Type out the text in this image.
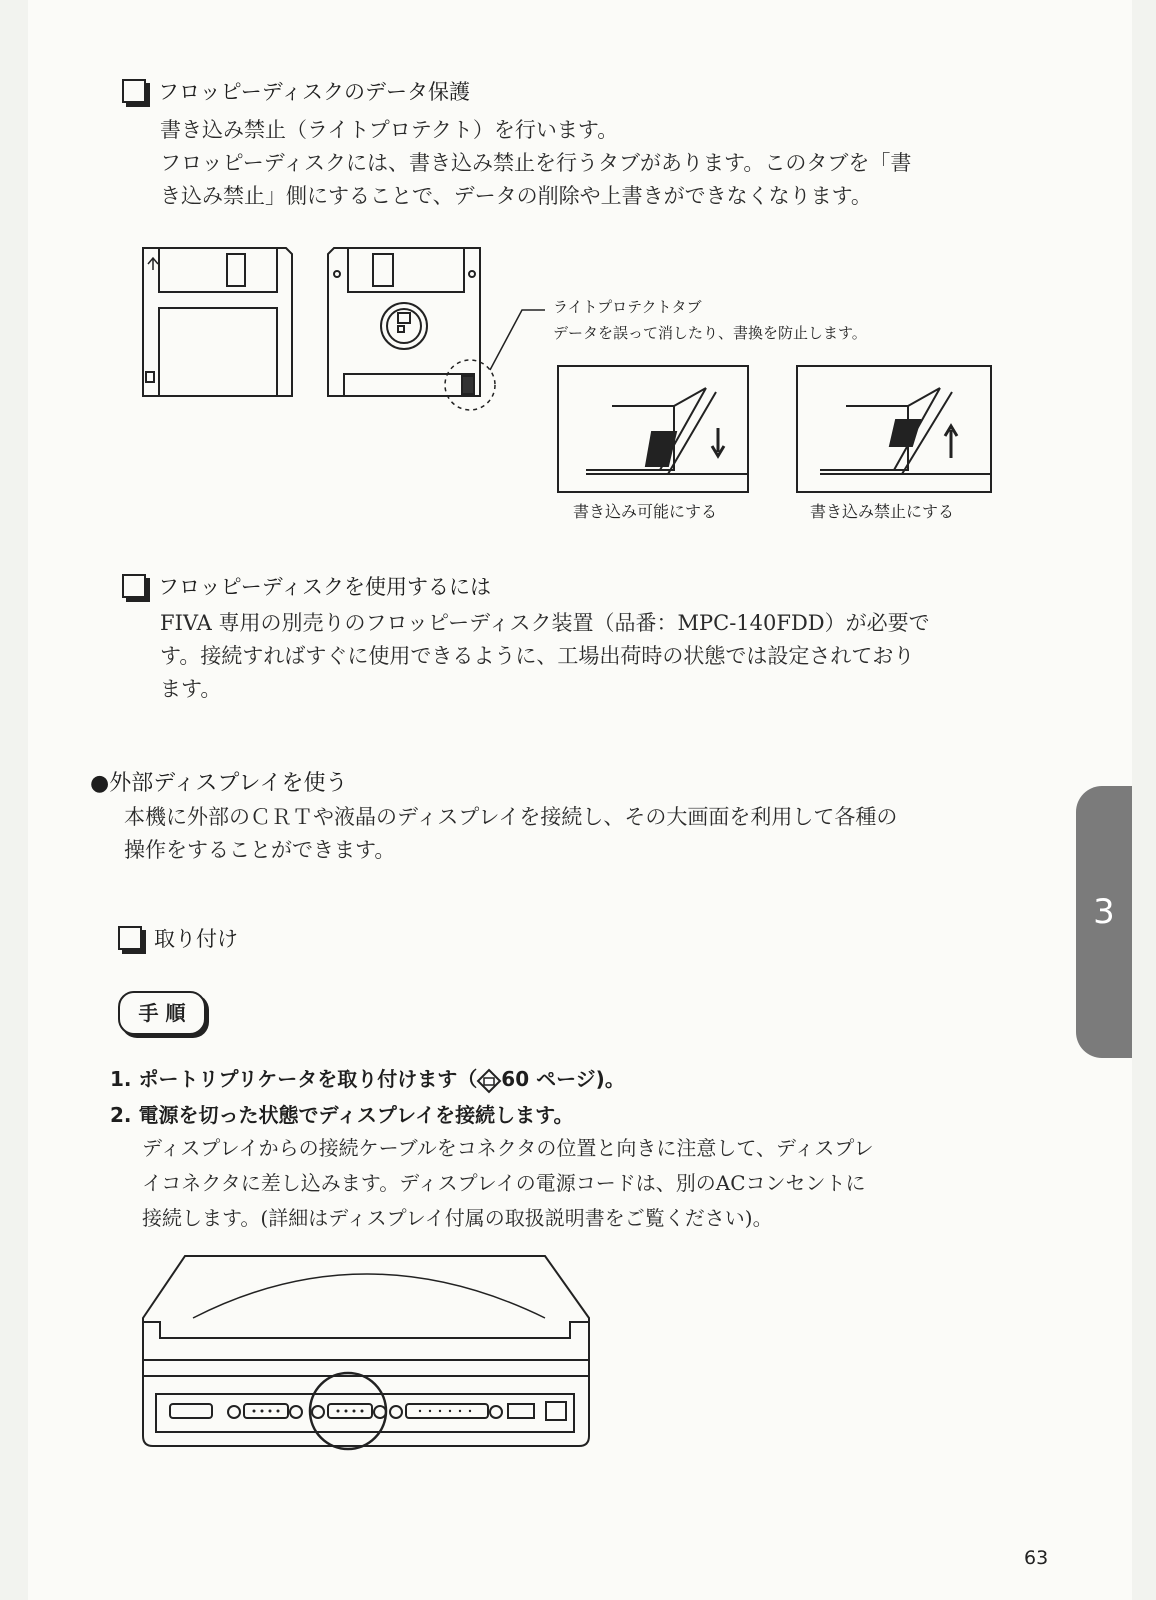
フロッピーディスクのデータ保護
書き込み禁止（ライトプロテクト）を行います。
フロッピーディスクには、書き込み禁止を行うタブがあります。このタブを「書
き込み禁止」側にすることで、データの削除や上書きができなくなります。
ライトプロテクトタブ
データを誤って消したり、書換を防止します。
書き込み可能にする	書き込み禁止にする
フロッピーディスクを使用するには
FIVA 専用の別売りのフロッピーディスク装置（品番：MPC-140FDD）が必要で
す。接続すればすぐに使用できるように、工場出荷時の状態では設定されており
ます。
●外部ディスプレイを使う
本機に外部のＣＲＴや液晶のディスプレイを接続し、その大画面を利用して各種の
操作をすることができます。
取り付け
手 順
1. ポートリプリケータを取り付けます（ 60 ページ)。
2. 電源を切った状態でディスプレイを接続します。
ディスプレイからの接続ケーブルをコネクタの位置と向きに注意して、ディスプレ
イコネクタに差し込みます。ディスプレイの電源コードは、別のACコンセントに
接続します。(詳細はディスプレイ付属の取扱説明書をご覧ください)。
3
63
